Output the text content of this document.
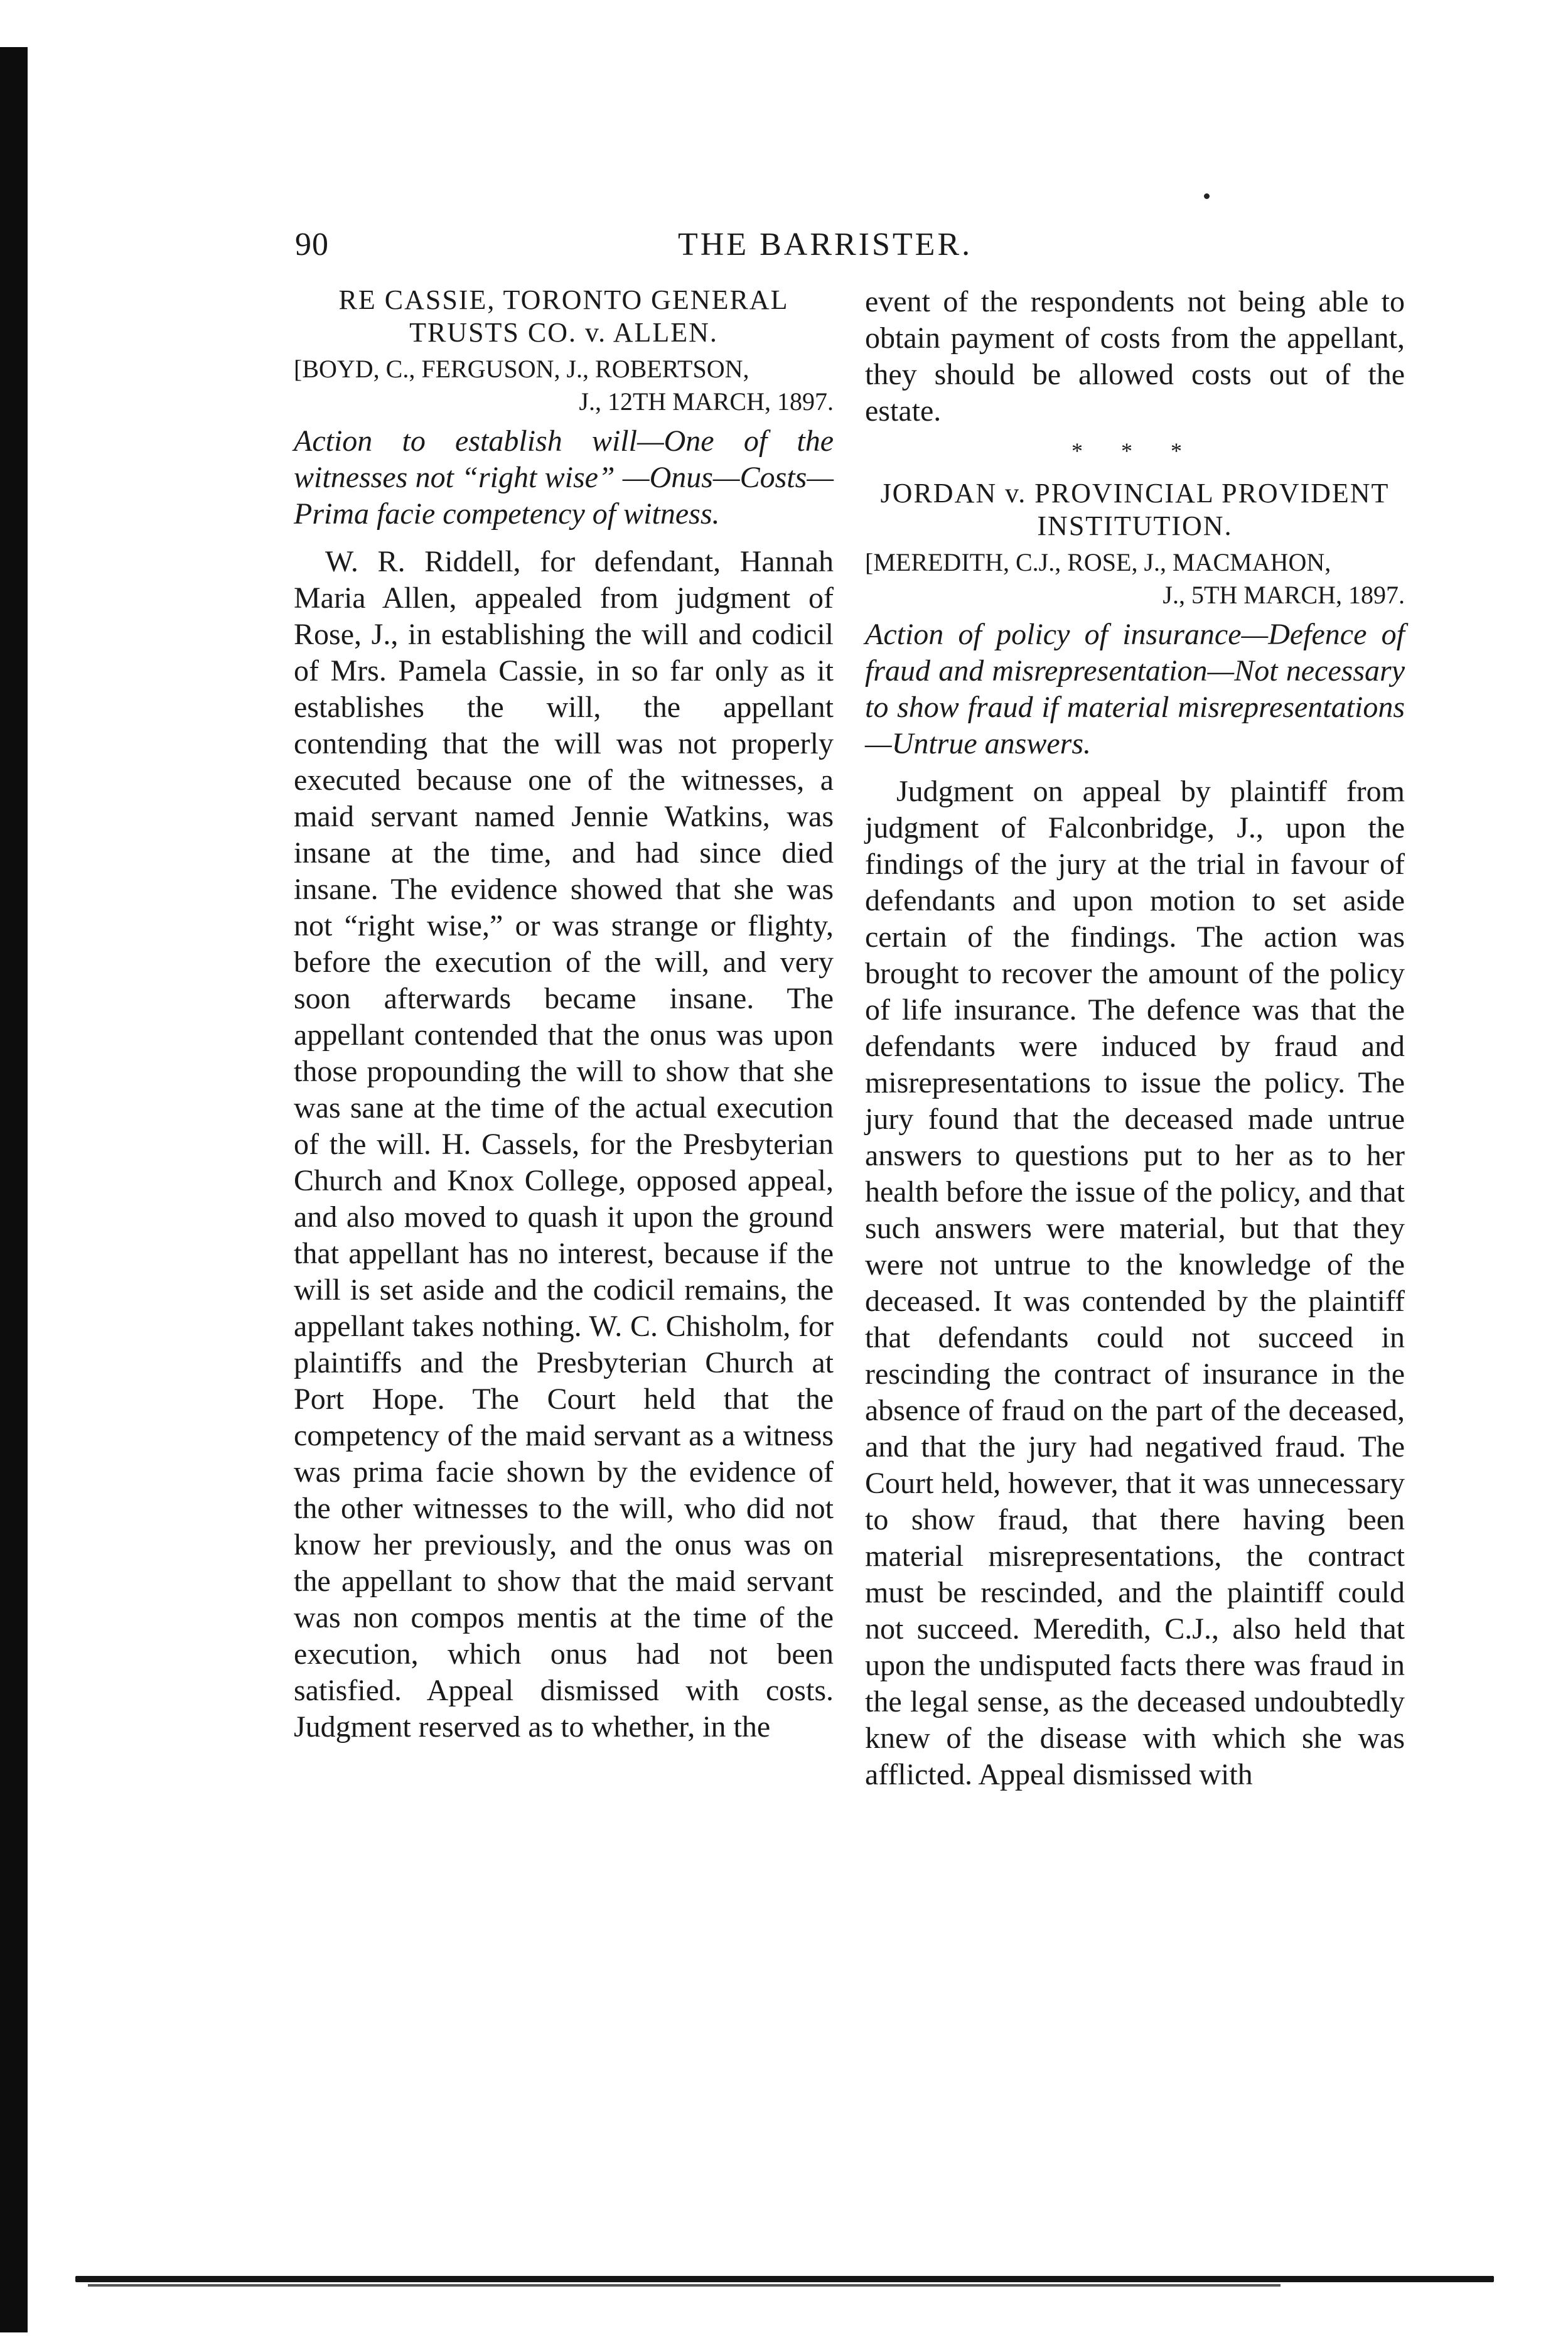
90	THE BARRISTER.

RE CASSIE, TORONTO GENERAL TRUSTS CO. v. ALLEN.

[BOYD, C., FERGUSON, J., ROBERTSON,
J., 12TH MARCH, 1897.

Action to establish will—One of the witnesses not “right wise” —Onus—Costs—Prima facie competency of witness.

W. R. Riddell, for defendant, Hannah Maria Allen, appealed from judgment of Rose, J., in establishing the will and codicil of Mrs. Pamela Cassie, in so far only as it establishes the will, the appellant contending that the will was not properly executed because one of the witnesses, a maid servant named Jennie Watkins, was insane at the time, and had since died insane. The evidence showed that she was not “right wise,” or was strange or flighty, before the execution of the will, and very soon afterwards became insane. The appellant contended that the onus was upon those propounding the will to show that she was sane at the time of the actual execution of the will. H. Cassels, for the Presbyterian Church and Knox College, opposed appeal, and also moved to quash it upon the ground that appellant has no interest, because if the will is set aside and the codicil remains, the appellant takes nothing. W. C. Chisholm, for plaintiffs and the Presbyterian Church at Port Hope. The Court held that the competency of the maid servant as a witness was prima facie shown by the evidence of the other witnesses to the will, who did not know her previously, and the onus was on the appellant to show that the maid servant was non compos mentis at the time of the execution, which onus had not been satisfied. Appeal dismissed with costs. Judgment reserved as to whether, in the

event of the respondents not being able to obtain payment of costs from the appellant, they should be allowed costs out of the estate.

* * *

JORDAN v. PROVINCIAL PROVIDENT INSTITUTION.

[MEREDITH, C.J., ROSE, J., MACMAHON,
J., 5TH MARCH, 1897.

Action of policy of insurance—Defence of fraud and misrepresentation—Not necessary to show fraud if material misrepresentations—Untrue answers.

Judgment on appeal by plaintiff from judgment of Falconbridge, J., upon the findings of the jury at the trial in favour of defendants and upon motion to set aside certain of the findings. The action was brought to recover the amount of the policy of life insurance. The defence was that the defendants were induced by fraud and misrepresentations to issue the policy. The jury found that the deceased made untrue answers to questions put to her as to her health before the issue of the policy, and that such answers were material, but that they were not untrue to the knowledge of the deceased. It was contended by the plaintiff that defendants could not succeed in rescinding the contract of insurance in the absence of fraud on the part of the deceased, and that the jury had negatived fraud. The Court held, however, that it was unnecessary to show fraud, that there having been material misrepresentations, the contract must be rescinded, and the plaintiff could not succeed. Meredith, C.J., also held that upon the undisputed facts there was fraud in the legal sense, as the deceased undoubtedly knew of the disease with which she was afflicted. Appeal dismissed with
